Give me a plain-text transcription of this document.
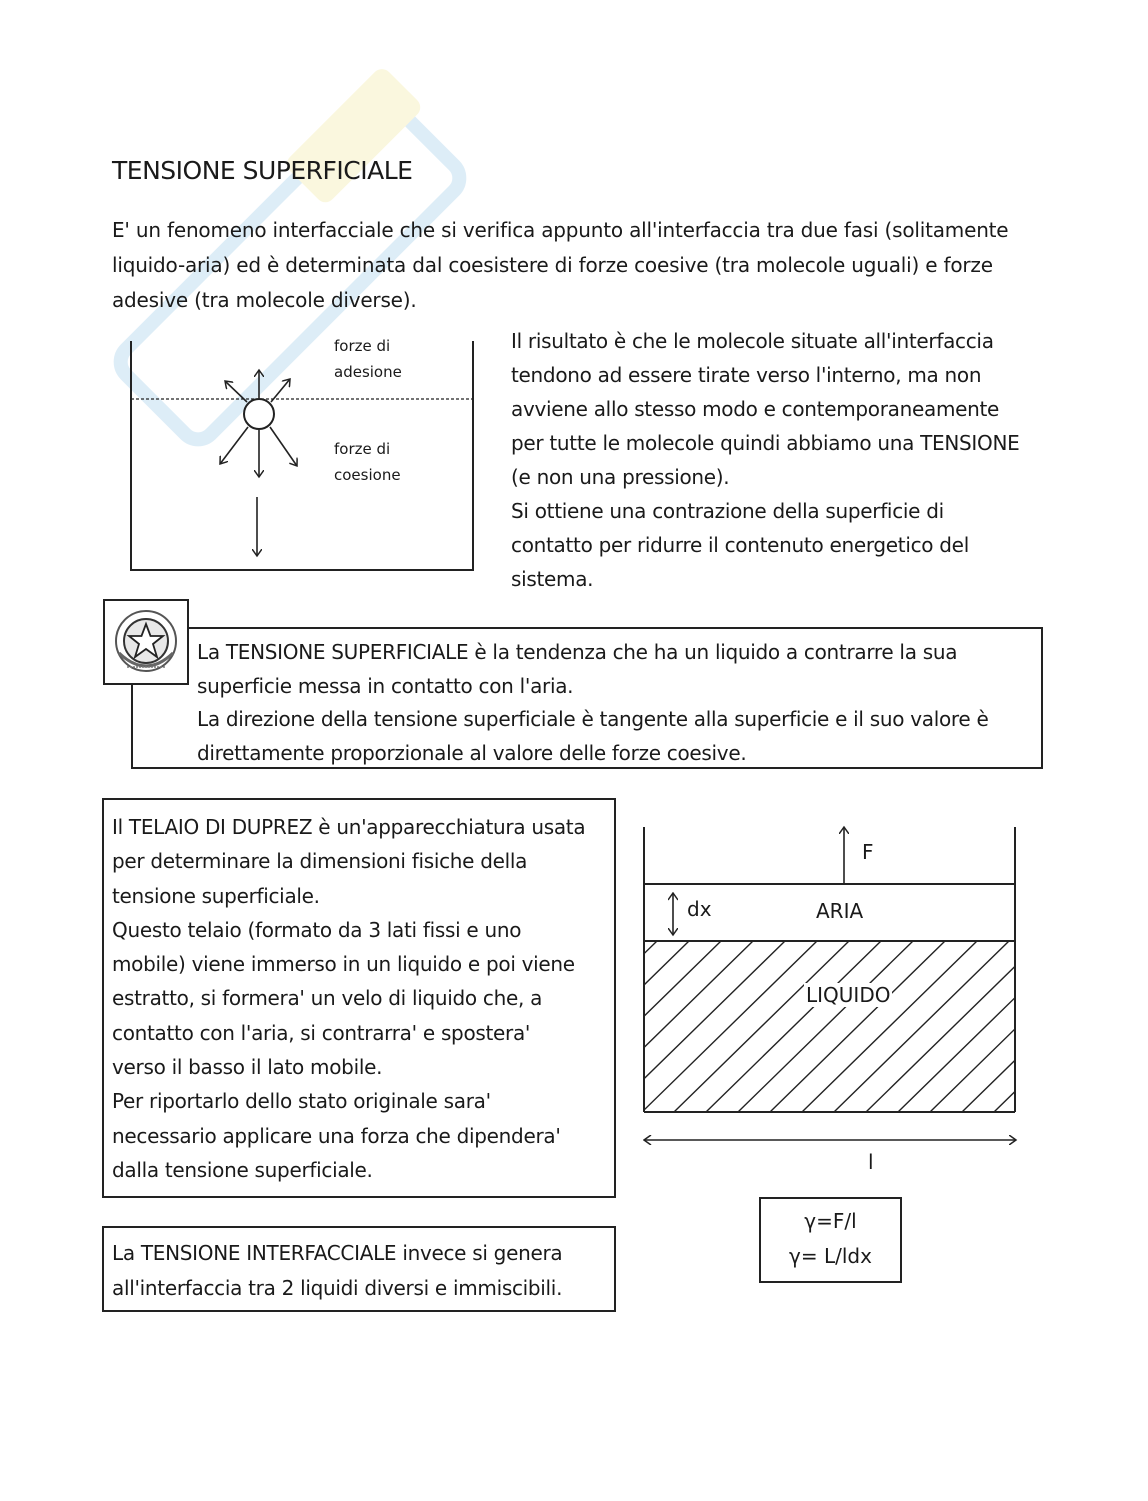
TENSIONE SUPERFICIALE
E' un fenomeno interfacciale che si verifica appunto all'interfaccia tra due fasi (solitamente
liquido-aria) ed è determinata dal coesistere di forze coesive (tra molecole uguali) e forze
adesive (tra molecole diverse).
forze di
adesione
forze di
coesione
Il risultato è che le molecole situate all'interfaccia
tendono ad essere tirate verso l'interno, ma non
avviene allo stesso modo e contemporaneamente
per tutte le molecole quindi abbiamo una TENSIONE
(e non una pressione).
Si ottiene una contrazione della superficie di
contatto per ridurre il contenuto energetico del
sistema.
La TENSIONE SUPERFICIALE è la tendenza che ha un liquido a contrarre la sua
superficie messa in contatto con l'aria.
La direzione della tensione superficiale è tangente alla superficie e il suo valore è
direttamente proporzionale al valore delle forze coesive.
Il TELAIO DI DUPREZ è un'apparecchiatura usata
per determinare la dimensioni fisiche della
tensione superficiale.
Questo telaio (formato da 3 lati fissi e uno
mobile) viene immerso in un liquido e poi viene
estratto, si formera' un velo di liquido che, a
contatto con l'aria, si contrarra' e spostera'
verso il basso il lato mobile.
Per riportarlo dello stato originale sara'
necessario applicare una forza che dipendera'
dalla tensione superficiale.
La TENSIONE INTERFACCIALE invece si genera
all'interfaccia tra 2 liquidi diversi e immiscibili.
F
dx	ARIA
LIQUIDO
l
γ=F/l
γ= L/ldx
